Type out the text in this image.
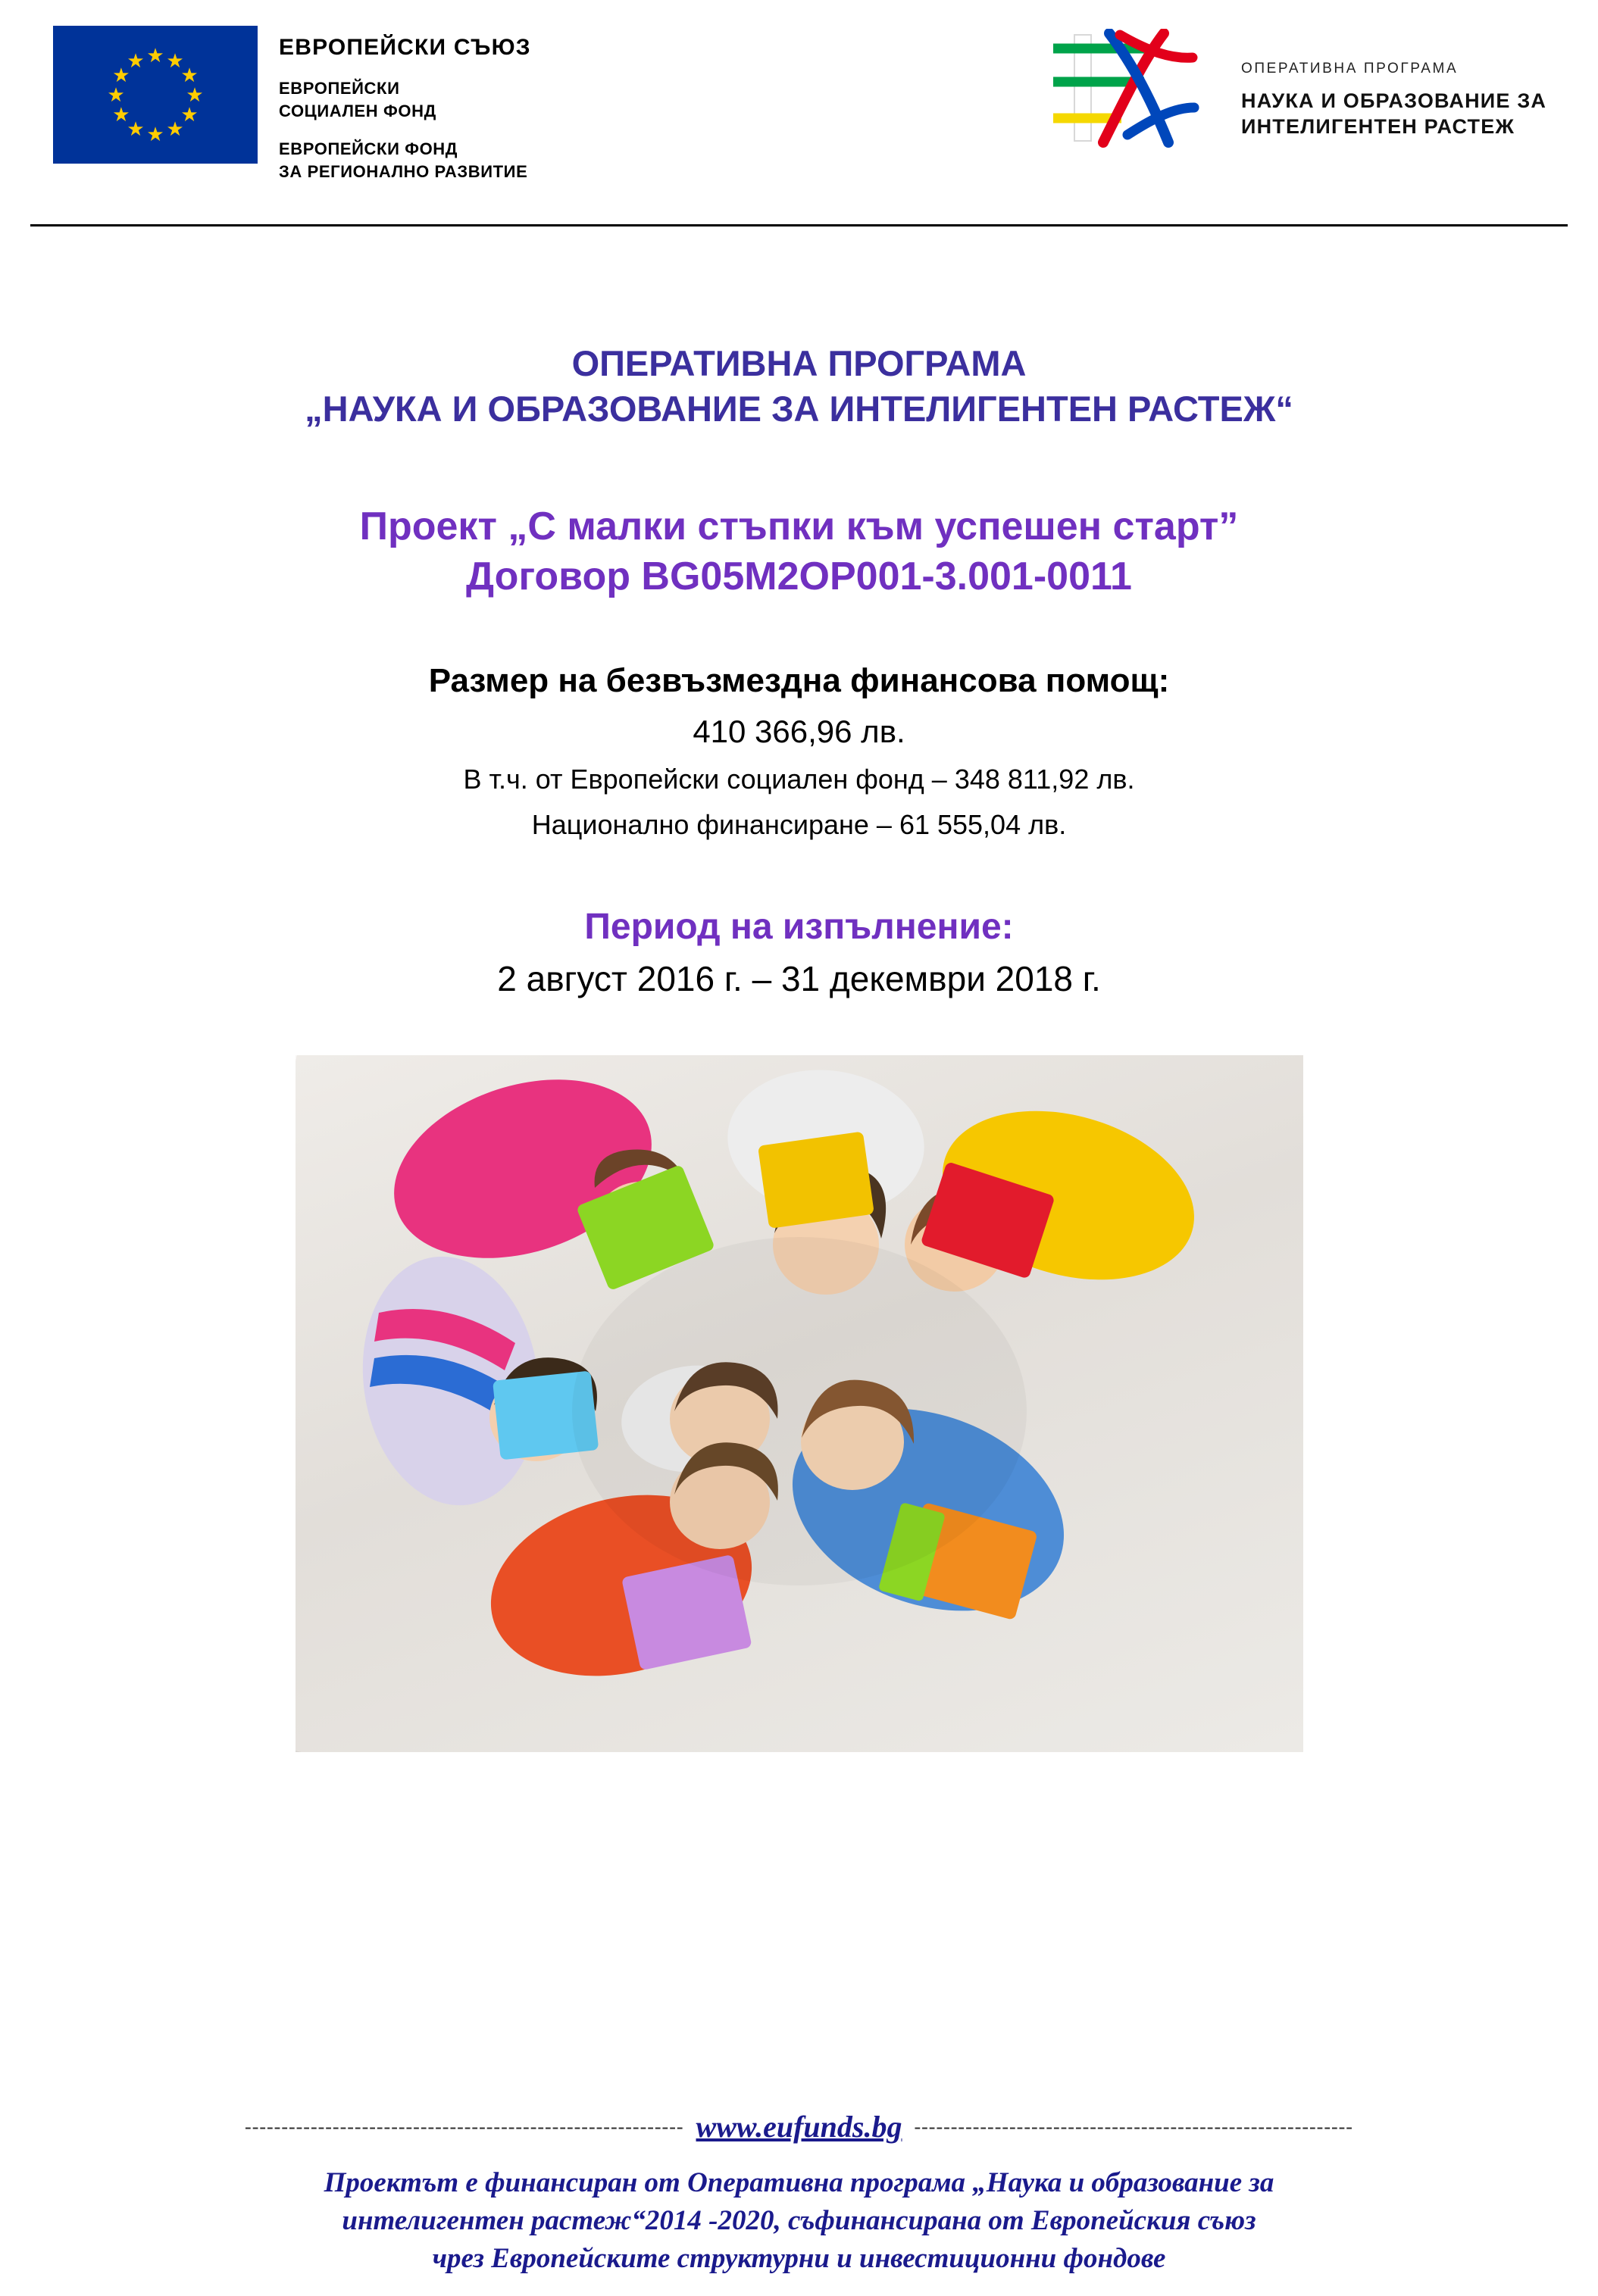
★ ★
★
★
★
★
★
★
★
★
★
★
ЕВРОПЕЙСКИ СЪЮЗ
ЕВРОПЕЙСКИ
СОЦИАЛЕН ФОНД
ЕВРОПЕЙСКИ ФОНД
ЗА РЕГИОНАЛНО РАЗВИТИЕ
ОПЕРАТИВНА ПРОГРАМА
НАУКА И ОБРАЗОВАНИЕ ЗА
ИНТЕЛИГЕНТЕН РАСТЕЖ
ОПЕРАТИВНА ПРОГРАМА
„НАУКА И ОБРАЗОВАНИЕ ЗА ИНТЕЛИГЕНТЕН РАСТЕЖ“
Проект „С малки стъпки към успешен старт”
Договор BG05M2OP001-3.001-0011
Размер на безвъзмездна финансова помощ:
410 366,96 лв.
В т.ч. от Европейски социален фонд – 348 811,92 лв.
Национално финансиране – 61 555,04 лв.
Период на изпълнение:
2 август 2016 г. – 31 декември 2018 г.
------------------------------------------------------------ www.eufunds.bg ------------------------------------------------------------
Проектът е финансиран от Оперативна програма „Наука и образование за
интелигентен растеж“2014 -2020, съфинансирана от Европейския съюз
чрез Европейските структурни и инвестиционни фондове
